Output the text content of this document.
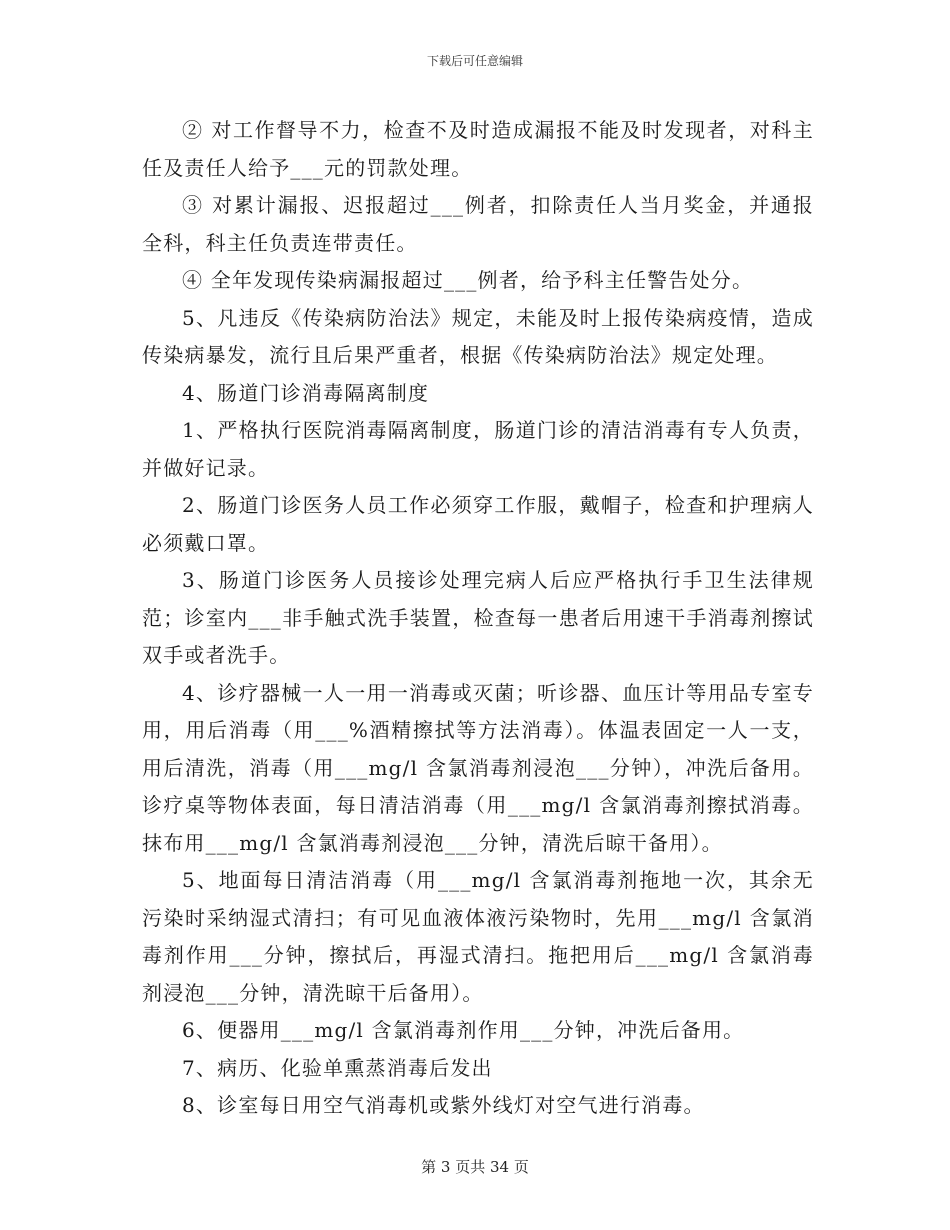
下载后可任意编辑

② 对工作督导不力，检查不及时造成漏报不能及时发现者，对科主任及责任人给予___元的罚款处理。

③ 对累计漏报、迟报超过___例者，扣除责任人当月奖金，并通报全科，科主任负责连带责任。

④ 全年发现传染病漏报超过___例者，给予科主任警告处分。

5、凡违反《传染病防治法》规定，未能及时上报传染病疫情，造成传染病暴发，流行且后果严重者，根据《传染病防治法》规定处理。

4、肠道门诊消毒隔离制度

1、严格执行医院消毒隔离制度，肠道门诊的清洁消毒有专人负责，并做好记录。

2、肠道门诊医务人员工作必须穿工作服，戴帽子，检查和护理病人必须戴口罩。

3、肠道门诊医务人员接诊处理完病人后应严格执行手卫生法律规范；诊室内___非手触式洗手装置，检查每一患者后用速干手消毒剂擦试双手或者洗手。

4、诊疗器械一人一用一消毒或灭菌；听诊器、血压计等用品专室专用，用后消毒（用___%酒精擦拭等方法消毒）。体温表固定一人一支，用后清洗，消毒（用___mg/l 含氯消毒剂浸泡___分钟），冲洗后备用。诊疗桌等物体表面，每日清洁消毒（用___mg/l 含氯消毒剂擦拭消毒。抹布用___mg/l 含氯消毒剂浸泡___分钟，清洗后晾干备用）。

5、地面每日清洁消毒（用___mg/l 含氯消毒剂拖地一次，其余无污染时采纳湿式清扫；有可见血液体液污染物时，先用___mg/l 含氯消毒剂作用___分钟，擦拭后，再湿式清扫。拖把用后___mg/l 含氯消毒剂浸泡___分钟，清洗晾干后备用）。

6、便器用___mg/l 含氯消毒剂作用___分钟，冲洗后备用。

7、病历、化验单熏蒸消毒后发出

8、诊室每日用空气消毒机或紫外线灯对空气进行消毒。

第 3 页共 34 页
